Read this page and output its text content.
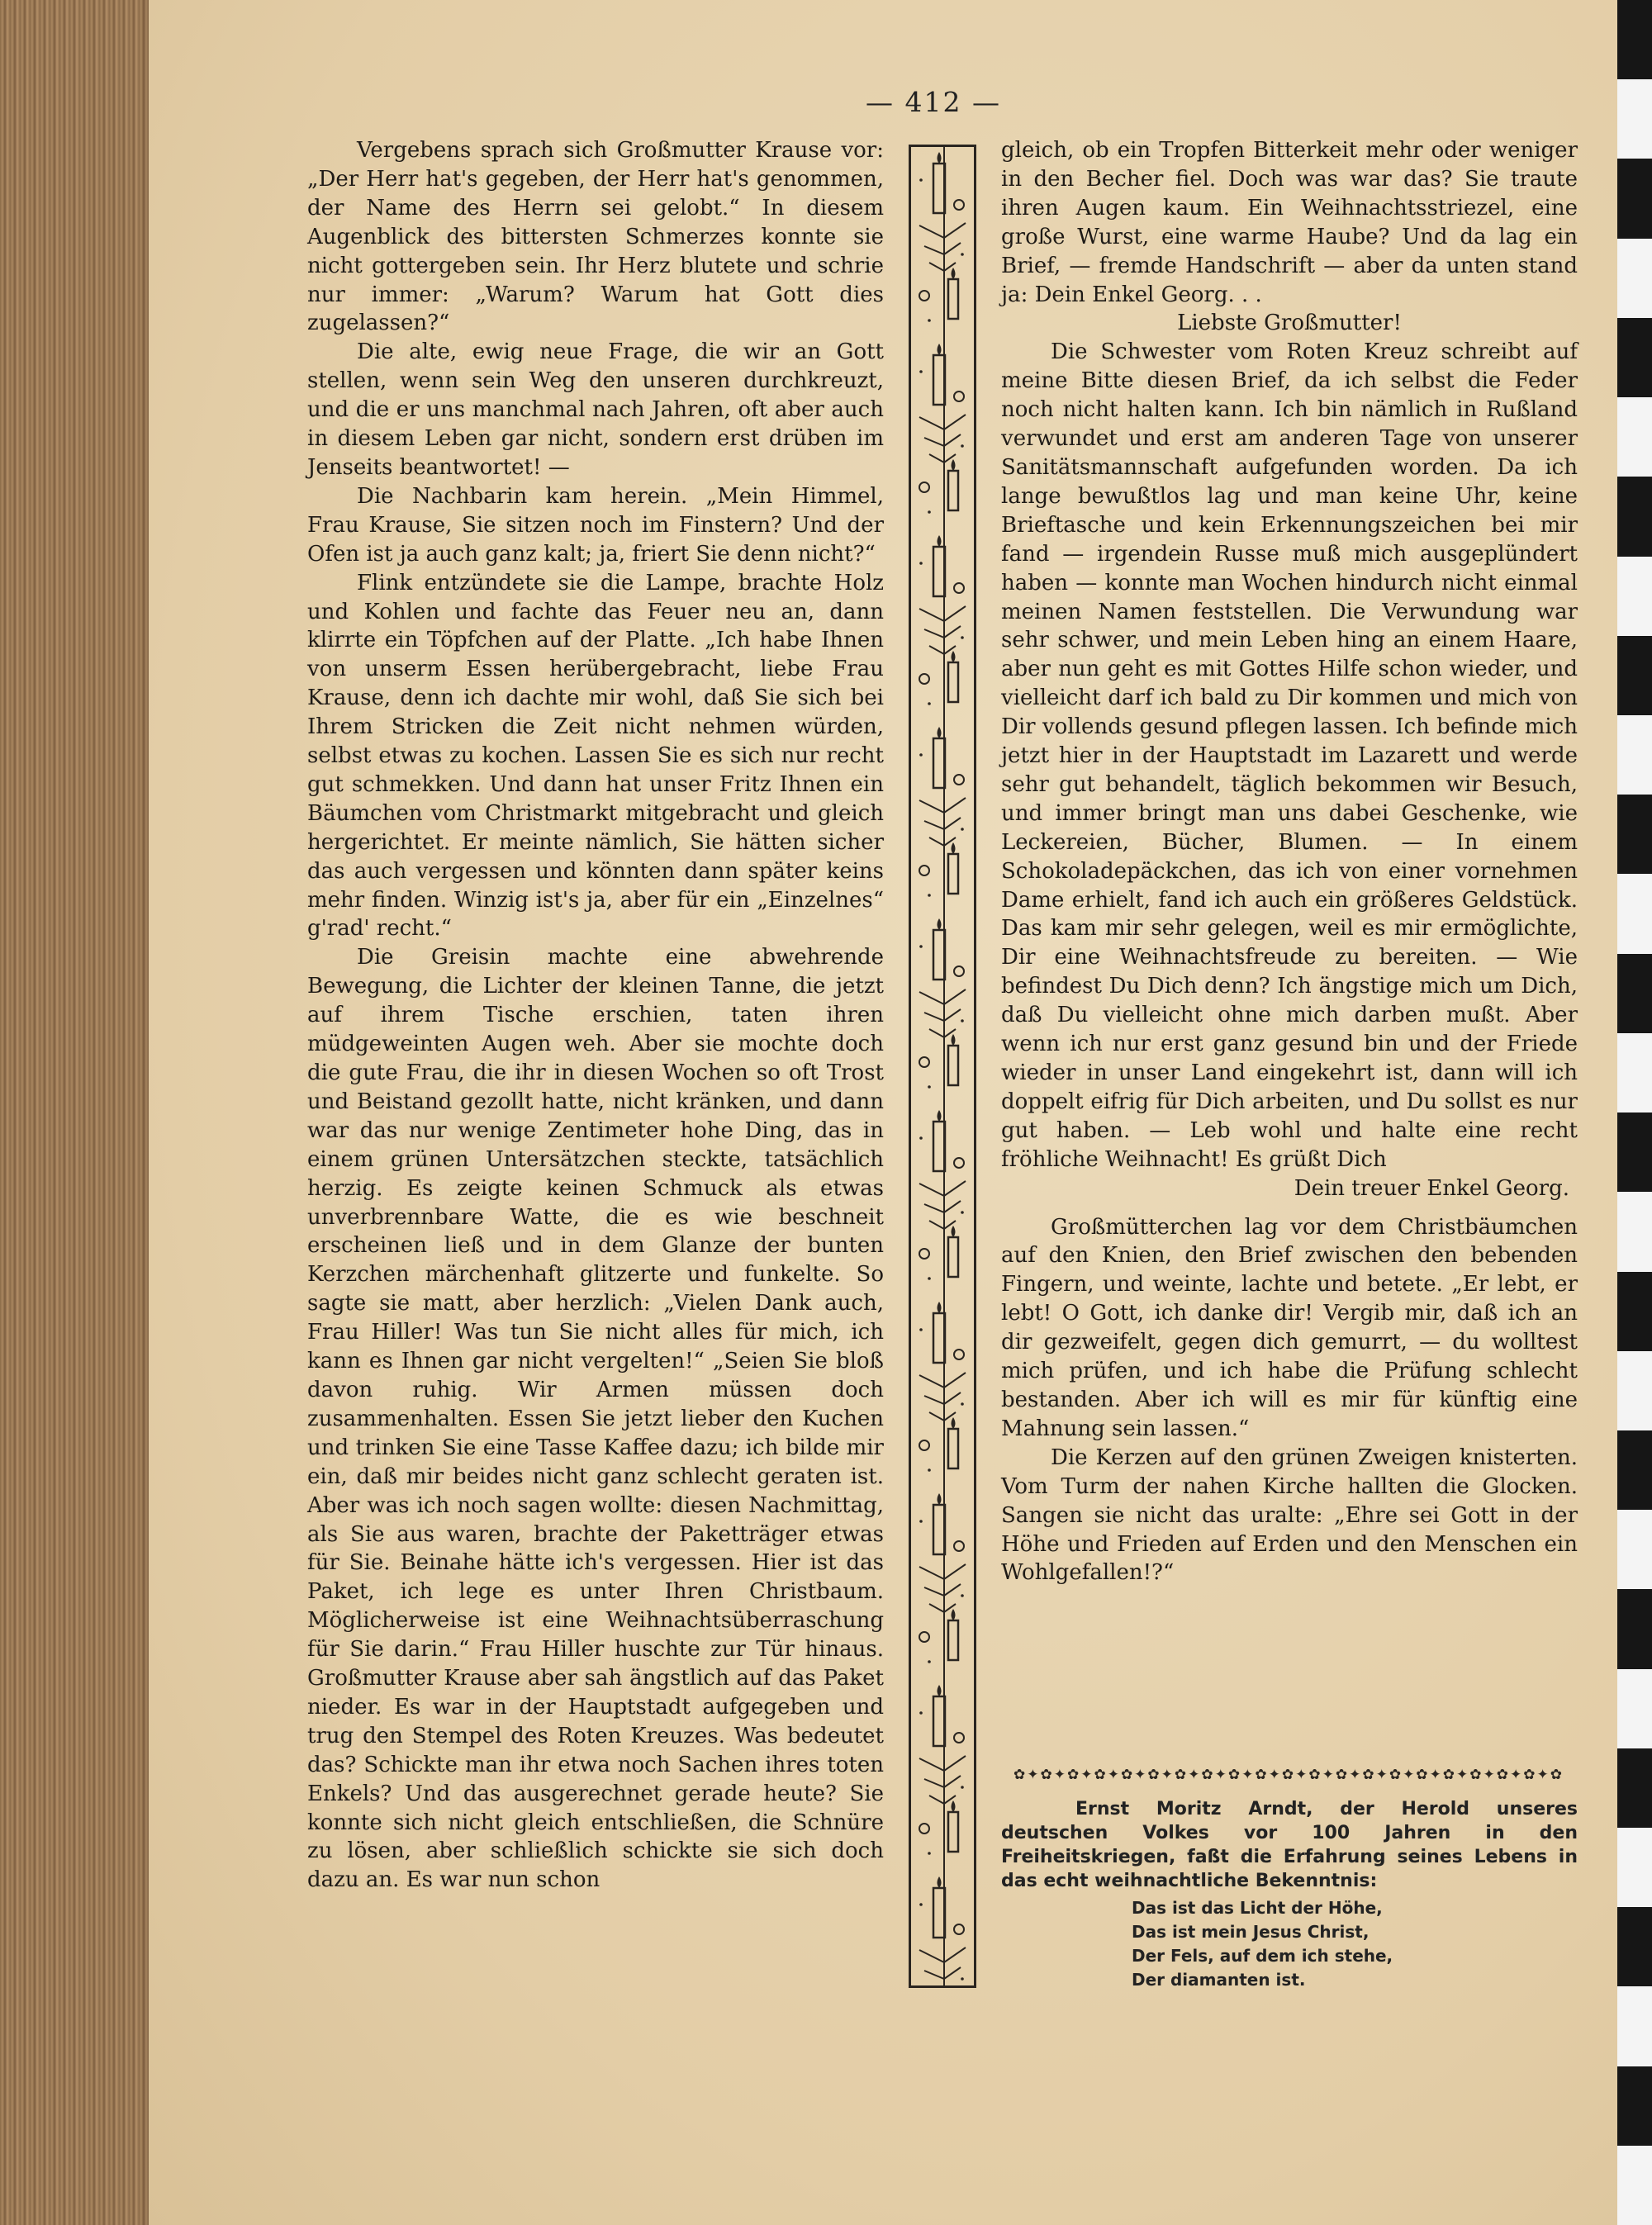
— 412 —

Vergebens sprach sich Großmutter Krause vor: „Der Herr hat's gegeben, der Herr hat's genommen, der Name des Herrn sei gelobt.“ In diesem Augenblick des bittersten Schmerzes konnte sie nicht gottergeben sein. Ihr Herz blutete und schrie nur immer: „Warum? Warum hat Gott dies zugelassen?“

Die alte, ewig neue Frage, die wir an Gott stellen, wenn sein Weg den unseren durchkreuzt, und die er uns manchmal nach Jahren, oft aber auch in diesem Leben gar nicht, sondern erst drüben im Jenseits beantwortet! —

Die Nachbarin kam herein. „Mein Himmel, Frau Krause, Sie sitzen noch im Finstern? Und der Ofen ist ja auch ganz kalt; ja, friert Sie denn nicht?“

Flink entzündete sie die Lampe, brachte Holz und Kohlen und fachte das Feuer neu an, dann klirrte ein Töpfchen auf der Platte. „Ich habe Ihnen von unserm Essen herübergebracht, liebe Frau Krause, denn ich dachte mir wohl, daß Sie sich bei Ihrem Stricken die Zeit nicht nehmen würden, selbst etwas zu kochen. Lassen Sie es sich nur recht gut schmekken. Und dann hat unser Fritz Ihnen ein Bäumchen vom Christmarkt mitgebracht und gleich hergerichtet. Er meinte nämlich, Sie hätten sicher das auch vergessen und könnten dann später keins mehr finden. Winzig ist's ja, aber für ein „Einzelnes“ g'rad' recht.“

Die Greisin machte eine abwehrende Bewegung, die Lichter der kleinen Tanne, die jetzt auf ihrem Tische erschien, taten ihren müdgeweinten Augen weh. Aber sie mochte doch die gute Frau, die ihr in diesen Wochen so oft Trost und Beistand gezollt hatte, nicht kränken, und dann war das nur wenige Zentimeter hohe Ding, das in einem grünen Untersätzchen steckte, tatsächlich herzig. Es zeigte keinen Schmuck als etwas unverbrennbare Watte, die es wie beschneit erscheinen ließ und in dem Glanze der bunten Kerzchen märchenhaft glitzerte und funkelte. So sagte sie matt, aber herzlich: „Vielen Dank auch, Frau Hiller! Was tun Sie nicht alles für mich, ich kann es Ihnen gar nicht vergelten!“ „Seien Sie bloß davon ruhig. Wir Armen müssen doch zusammenhalten. Essen Sie jetzt lieber den Kuchen und trinken Sie eine Tasse Kaffee dazu; ich bilde mir ein, daß mir beides nicht ganz schlecht geraten ist. Aber was ich noch sagen wollte: diesen Nachmittag, als Sie aus waren, brachte der Paketträger etwas für Sie. Beinahe hätte ich's vergessen. Hier ist das Paket, ich lege es unter Ihren Christbaum. Möglicherweise ist eine Weihnachtsüberraschung für Sie darin.“ Frau Hiller huschte zur Tür hinaus. Großmutter Krause aber sah ängstlich auf das Paket nieder. Es war in der Hauptstadt aufgegeben und trug den Stempel des Roten Kreuzes. Was bedeutet das? Schickte man ihr etwa noch Sachen ihres toten Enkels? Und das ausgerechnet gerade heute? Sie konnte sich nicht gleich entschließen, die Schnüre zu lösen, aber schließlich schickte sie sich doch dazu an. Es war nun schon

gleich, ob ein Tropfen Bitterkeit mehr oder weniger in den Becher fiel. Doch was war das? Sie traute ihren Augen kaum. Ein Weihnachtsstriezel, eine große Wurst, eine warme Haube? Und da lag ein Brief, — fremde Handschrift — aber da unten stand ja: Dein Enkel Georg. . .

Liebste Großmutter!

Die Schwester vom Roten Kreuz schreibt auf meine Bitte diesen Brief, da ich selbst die Feder noch nicht halten kann. Ich bin nämlich in Rußland verwundet und erst am anderen Tage von unserer Sanitätsmannschaft aufgefunden worden. Da ich lange bewußtlos lag und man keine Uhr, keine Brieftasche und kein Erkennungszeichen bei mir fand — irgendein Russe muß mich ausgeplündert haben — konnte man Wochen hindurch nicht einmal meinen Namen feststellen. Die Verwundung war sehr schwer, und mein Leben hing an einem Haare, aber nun geht es mit Gottes Hilfe schon wieder, und vielleicht darf ich bald zu Dir kommen und mich von Dir vollends gesund pflegen lassen. Ich befinde mich jetzt hier in der Hauptstadt im Lazarett und werde sehr gut behandelt, täglich bekommen wir Besuch, und immer bringt man uns dabei Geschenke, wie Leckereien, Bücher, Blumen. — In einem Schokoladepäckchen, das ich von einer vornehmen Dame erhielt, fand ich auch ein größeres Geldstück. Das kam mir sehr gelegen, weil es mir ermöglichte, Dir eine Weihnachtsfreude zu bereiten. — Wie befindest Du Dich denn? Ich ängstige mich um Dich, daß Du vielleicht ohne mich darben mußt. Aber wenn ich nur erst ganz gesund bin und der Friede wieder in unser Land eingekehrt ist, dann will ich doppelt eifrig für Dich arbeiten, und Du sollst es nur gut haben. — Leb wohl und halte eine recht fröhliche Weihnacht! Es grüßt Dich

Dein treuer Enkel Georg.

Großmütterchen lag vor dem Christbäumchen auf den Knien, den Brief zwischen den bebenden Fingern, und weinte, lachte und betete. „Er lebt, er lebt! O Gott, ich danke dir! Vergib mir, daß ich an dir gezweifelt, gegen dich gemurrt, — du wolltest mich prüfen, und ich habe die Prüfung schlecht bestanden. Aber ich will es mir für künftig eine Mahnung sein lassen.“

Die Kerzen auf den grünen Zweigen knisterten. Vom Turm der nahen Kirche hallten die Glocken. Sangen sie nicht das uralte: „Ehre sei Gott in der Höhe und Frieden auf Erden und den Menschen ein Wohlgefallen!?“

✿✦✿✦✿✦✿✦✿✦✿✦✿✦✿✦✿✦✿✦✿✦✿✦✿✦✿✦✿✦✿✦✿✦✿✦✿✦✿✦✿

Ernst Moritz Arndt, der Herold unseres deutschen Volkes vor 100 Jahren in den Freiheitskriegen, faßt die Erfahrung seines Lebens in das echt weihnachtliche Bekenntnis:

Das ist das Licht der Höhe,
Das ist mein Jesus Christ,
Der Fels, auf dem ich stehe,
Der diamanten ist.
